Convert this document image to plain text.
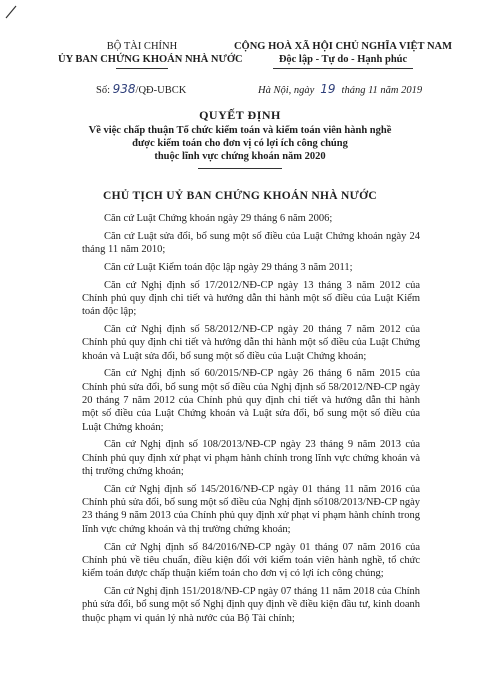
BỘ TÀI CHÍNH
ỦY BAN CHỨNG KHOÁN NHÀ NƯỚC
CỘNG HOÀ XÃ HỘI CHỦ NGHĨA VIỆT NAM
Độc lập - Tự do - Hạnh phúc
Số: 938/QĐ-UBCK	Hà Nội, ngày 19 tháng 11 năm 2019
QUYẾT ĐỊNH
Về việc chấp thuận Tổ chức kiểm toán và kiểm toán viên hành nghề
được kiểm toán cho đơn vị có lợi ích công chúng
thuộc lĩnh vực chứng khoán năm 2020
CHỦ TỊCH UỶ BAN CHỨNG KHOÁN NHÀ NƯỚC

Căn cứ Luật Chứng khoán ngày 29 tháng 6 năm 2006;

Căn cứ Luật sửa đổi, bổ sung một số điều của Luật Chứng khoán ngày 24 tháng 11 năm 2010;

Căn cứ Luật Kiểm toán độc lập ngày 29 tháng 3 năm 2011;

Căn cứ Nghị định số 17/2012/NĐ-CP ngày 13 tháng 3 năm 2012 của Chính phủ quy định chi tiết và hướng dẫn thi hành một số điều của Luật Kiểm toán độc lập;

Căn cứ Nghị định số 58/2012/NĐ-CP ngày 20 tháng 7 năm 2012 của Chính phủ quy định chi tiết và hướng dẫn thi hành một số điều của Luật Chứng khoán và Luật sửa đổi, bổ sung một số điều của Luật Chứng khoán;

Căn cứ Nghị định số 60/2015/NĐ-CP ngày 26 tháng 6 năm 2015 của Chính phủ sửa đổi, bổ sung một số điều của Nghị định số 58/2012/NĐ-CP ngày 20 tháng 7 năm 2012 của Chính phủ quy định chi tiết và hướng dẫn thi hành một số điều của Luật Chứng khoán và Luật sửa đổi, bổ sung một số điều của Luật Chứng khoán;

Căn cứ Nghị định số 108/2013/NĐ-CP ngày 23 tháng 9 năm 2013 của Chính phủ quy định xử phạt vi phạm hành chính trong lĩnh vực chứng khoán và thị trường chứng khoán;

Căn cứ Nghị định số 145/2016/NĐ-CP ngày 01 tháng 11 năm 2016 của Chính phủ sửa đổi, bổ sung một số điều của Nghị định số108/2013/NĐ-CP ngày 23 tháng 9 năm 2013 của Chính phủ quy định xử phạt vi phạm hành chính trong lĩnh vực chứng khoán và thị trường chứng khoán;

Căn cứ Nghị định số 84/2016/NĐ-CP ngày 01 tháng 07 năm 2016 của Chính phủ về tiêu chuẩn, điều kiện đối với kiểm toán viên hành nghề, tổ chức kiểm toán được chấp thuận kiểm toán cho đơn vị có lợi ích công chúng;

Căn cứ Nghị định 151/2018/NĐ-CP ngày 07 tháng 11 năm 2018 của Chính phủ sửa đổi, bổ sung một số Nghị định quy định về điều kiện đầu tư, kinh doanh thuộc phạm vi quản lý nhà nước của Bộ Tài chính;
